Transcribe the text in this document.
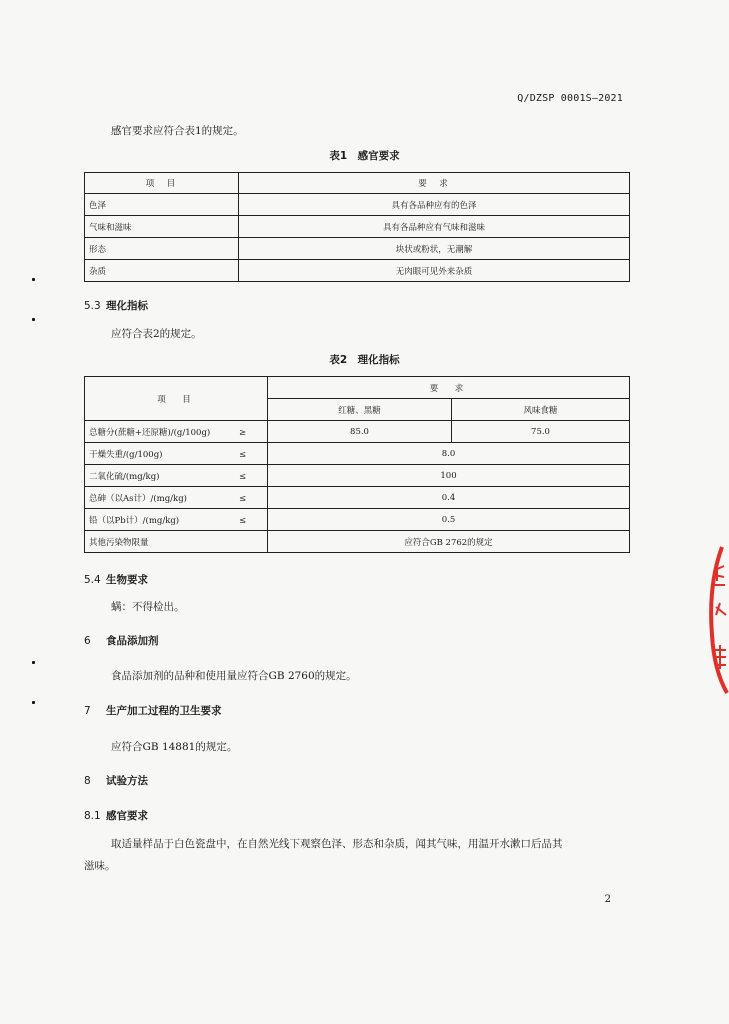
Q/DZSP 0001S—2021
感官要求应符合表1的规定。
表1　感官要求
项　目	要　求
色泽	具有各品种应有的色泽
气味和滋味	具有各品种应有气味和滋味
形态	块状或粉状，无潮解
杂质	无肉眼可见外来杂质
5.3 理化指标
应符合表2的规定。
表2　理化指标
项　目	要　求	
	红糖、黑糖	风味食糖
总糖分(蔗糖+还原糖)/(g/100g) ≥	85.0	75.0
干燥失重/(g/100g) ≤	8.0	
二氧化硫/(mg/kg) ≤	100	
总砷（以As计）/(mg/kg) ≤	0.4	
铅（以Pb计）/(mg/kg) ≤	0.5	
其他污染物限量	应符合GB 2762的规定	
5.4 生物要求
螨：不得检出。
6 食品添加剂
食品添加剂的品种和使用量应符合GB 2760的规定。
7 生产加工过程的卫生要求
应符合GB 14881的规定。
8 试验方法
8.1 感官要求
取适量样品于白色瓷盘中，在自然光线下观察色泽、形态和杂质，闻其气味，用温开水漱口后品其
滋味。
2
